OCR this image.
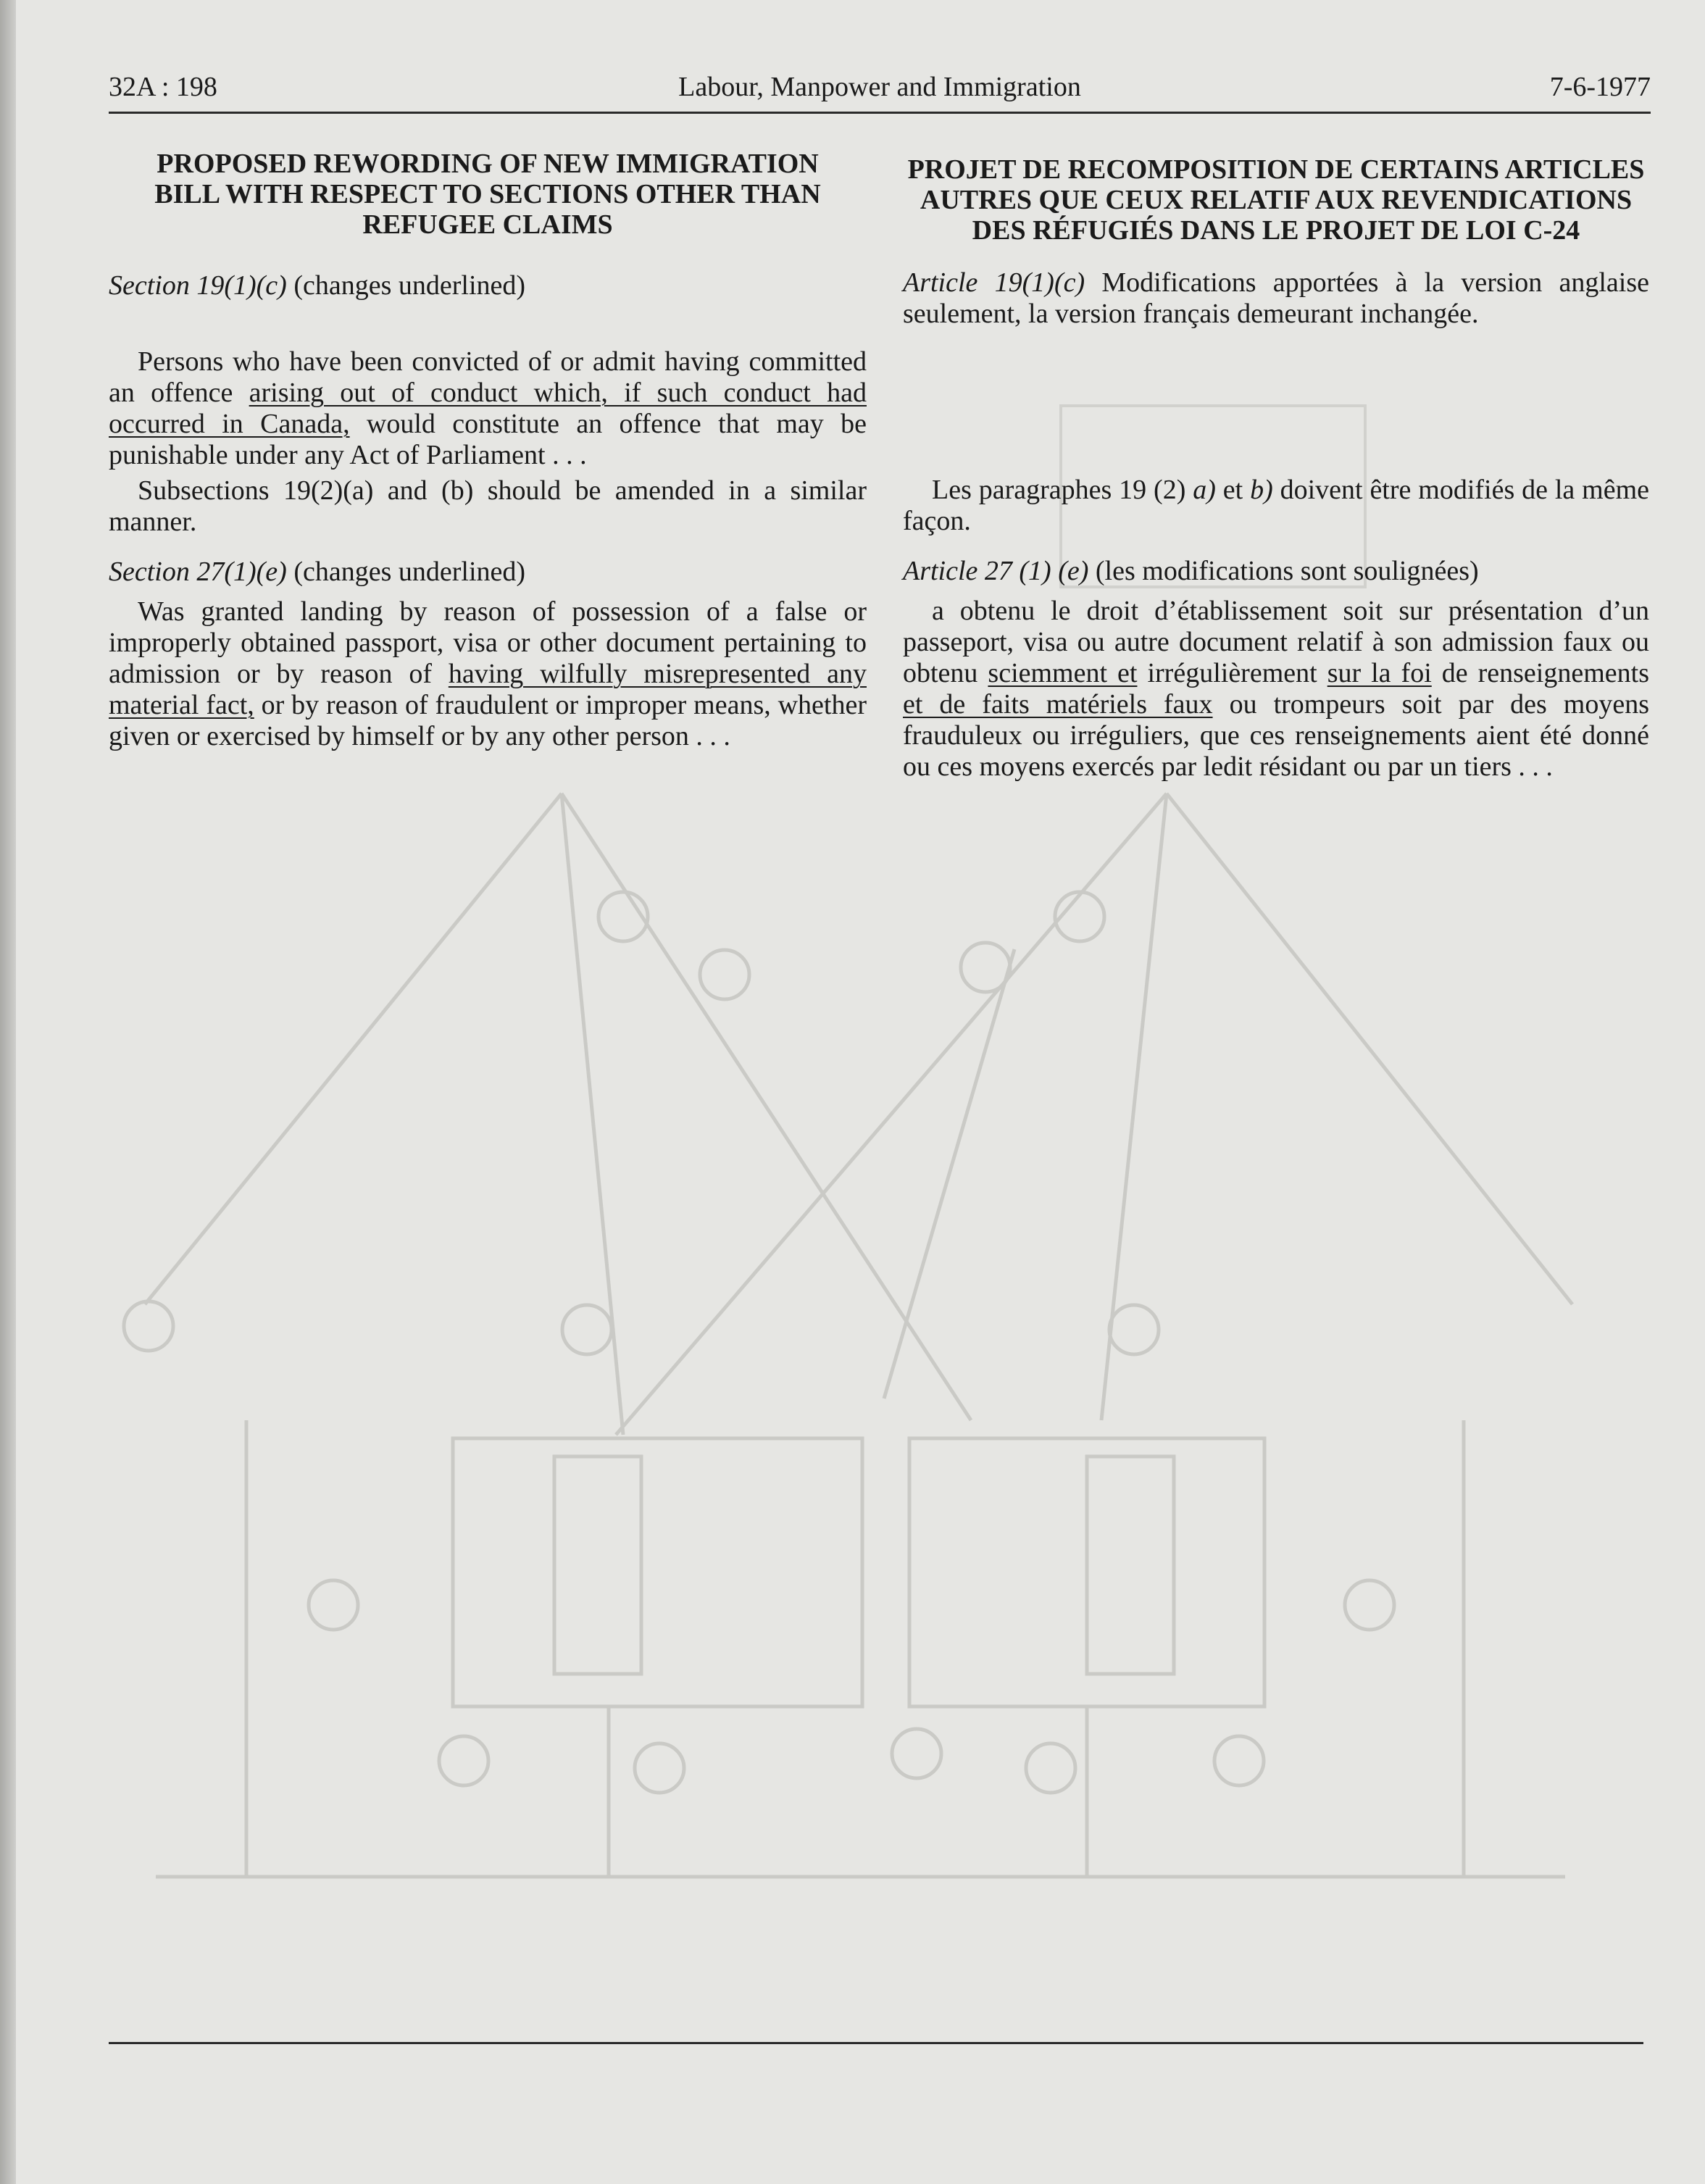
32A : 198	Labour, Manpower and Immigration	7-6-1977
PROPOSED REWORDING OF NEW IMMIGRATION BILL WITH RESPECT TO SECTIONS OTHER THAN REFUGEE CLAIMS
Section 19(1)(c) (changes underlined)

Persons who have been convicted of or admit having committed an offence arising out of conduct which, if such conduct had occurred in Canada, would constitute an offence that may be punishable under any Act of Parliament . . .

Subsections 19(2)(a) and (b) should be amended in a similar manner.

Section 27(1)(e) (changes underlined)

Was granted landing by reason of possession of a false or improperly obtained passport, visa or other document pertaining to admission or by reason of having wilfully misrepresented any material fact, or by reason of fraudulent or improper means, whether given or exercised by himself or by any other person . . .

PROJET DE RECOMPOSITION DE CERTAINS ARTICLES AUTRES QUE CEUX RELATIF AUX REVENDICATIONS DES RÉFUGIÉS DANS LE PROJET DE LOI C-24

Article 19(1)(c) Modifications apportées à la version anglaise seulement, la version français demeurant inchangée.

Les paragraphes 19 (2) a) et b) doivent être modifiés de la même façon.

Article 27 (1) (e) (les modifications sont soulignées)

a obtenu le droit d’établissement soit sur présentation d’un passeport, visa ou autre document relatif à son admission faux ou obtenu sciemment et irrégulièrement sur la foi de renseignements et de faits matériels faux ou trompeurs soit par des moyens frauduleux ou irréguliers, que ces renseignements aient été donné ou ces moyens exercés par ledit résidant ou par un tiers . . .
